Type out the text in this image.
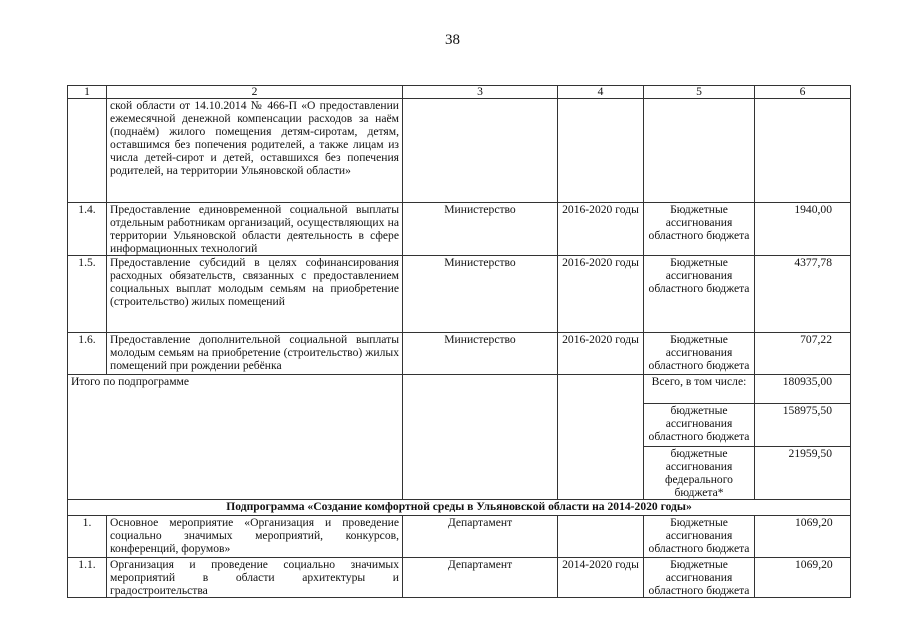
38
1	2	3	4	5	6
	ской области от 14.10.2014 № 466-П «О предоставлении ежемесячной денежной компенсации расходов за наём (поднаём) жилого помещения детям-сиротам, детям, оставшимся без попечения родителей, а также лицам из числа детей-сирот и детей, оставшихся без попечения родителей, на территории Ульяновской области»				
1.4.	Предоставление единовременной социальной выплаты отдельным работникам организаций, осуществляющих на территории Ульяновской области деятельность в сфере информационных технологий	Министерство	2016-2020 годы	Бюджетные ассигнования областного бюджета	1940,00
1.5.	Предоставление субсидий в целях софинансирования расходных обязательств, связанных с предоставлением социальных выплат молодым семьям на приобретение (строительство) жилых помещений	Министерство	2016-2020 годы	Бюджетные ассигнования областного бюджета	4377,78
1.6.	Предоставление дополнительной социальной выплаты молодым семьям на приобретение (строительство) жилых помещений при рождении ребёнка	Министерство	2016-2020 годы	Бюджетные ассигнования областного бюджета	707,22
Итого по подпрограмме				Всего, в том числе:	180935,00
				бюджетные ассигнования областного бюджета	158975,50
				бюджетные ассигнования федерального бюджета*	21959,50
Подпрограмма «Создание комфортной среды в Ульяновской области на 2014-2020 годы»					
1.	Основное мероприятие «Организация и проведение социально значимых мероприятий, конкурсов, конференций, форумов»	Департамент		Бюджетные ассигнования областного бюджета	1069,20
1.1.	Организация и проведение социально значимых мероприятий в области архитектуры и градостроительства	Департамент	2014-2020 годы	Бюджетные ассигнования областного бюджета	1069,20
